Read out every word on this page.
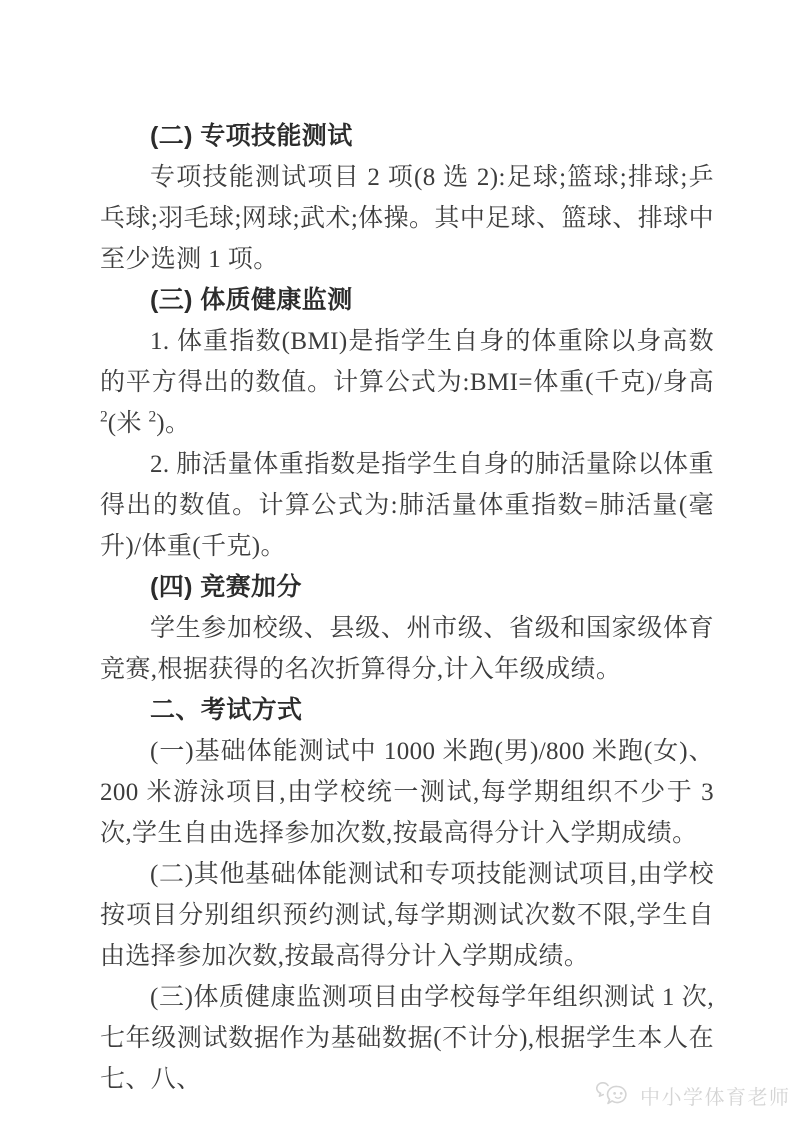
(二) 专项技能测试

专项技能测试项目 2 项(8 选 2):足球;篮球;排球;乒乓球;羽毛球;网球;武术;体操。其中足球、篮球、排球中至少选测 1 项。

(三) 体质健康监测

1. 体重指数(BMI)是指学生自身的体重除以身高数的平方得出的数值。计算公式为:BMI=体重(千克)/身高 $^2$(米 $^2$)。

2. 肺活量体重指数是指学生自身的肺活量除以体重得出的数值。计算公式为:肺活量体重指数=肺活量(毫升)/体重(千克)。

(四) 竞赛加分

学生参加校级、县级、州市级、省级和国家级体育竞赛,根据获得的名次折算得分,计入年级成绩。

二、考试方式

(一)基础体能测试中 1000 米跑(男)/800 米跑(女)、200 米游泳项目,由学校统一测试,每学期组织不少于 3 次,学生自由选择参加次数,按最高得分计入学期成绩。

(二)其他基础体能测试和专项技能测试项目,由学校按项目分别组织预约测试,每学期测试次数不限,学生自由选择参加次数,按最高得分计入学期成绩。

(三)体质健康监测项目由学校每学年组织测试 1 次,七年级测试数据作为基础数据(不计分),根据学生本人在七、八、

中小学体育老师
